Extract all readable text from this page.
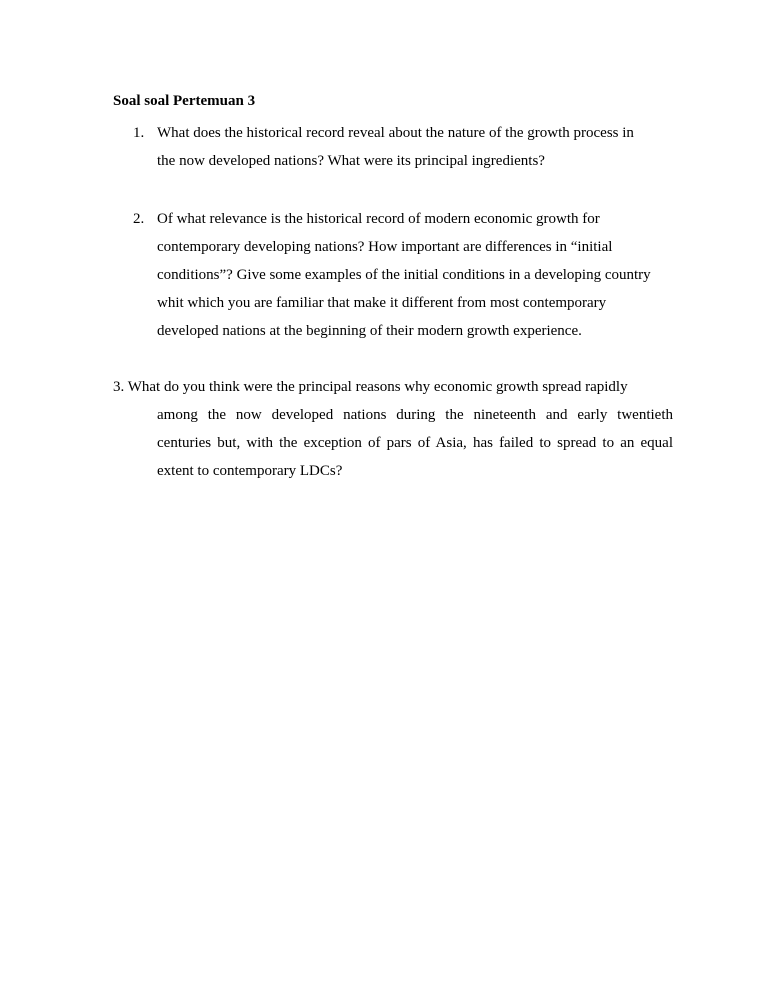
Soal soal Pertemuan 3
1. What does the historical record reveal about the nature of the growth process in
the now developed nations? What were its principal ingredients?
2. Of what relevance is the historical record of modern economic growth for
contemporary developing nations? How important are differences in “initial
conditions”? Give some examples of the initial conditions in a developing country
whit which you are familiar that make it different from most contemporary
developed nations at the beginning of their modern growth experience.
3. What do you think were the principal reasons why economic growth spread rapidly
among the now developed nations during the nineteenth and early twentieth
centuries but, with the exception of pars of Asia, has failed to spread to an equal
extent to contemporary LDCs?
